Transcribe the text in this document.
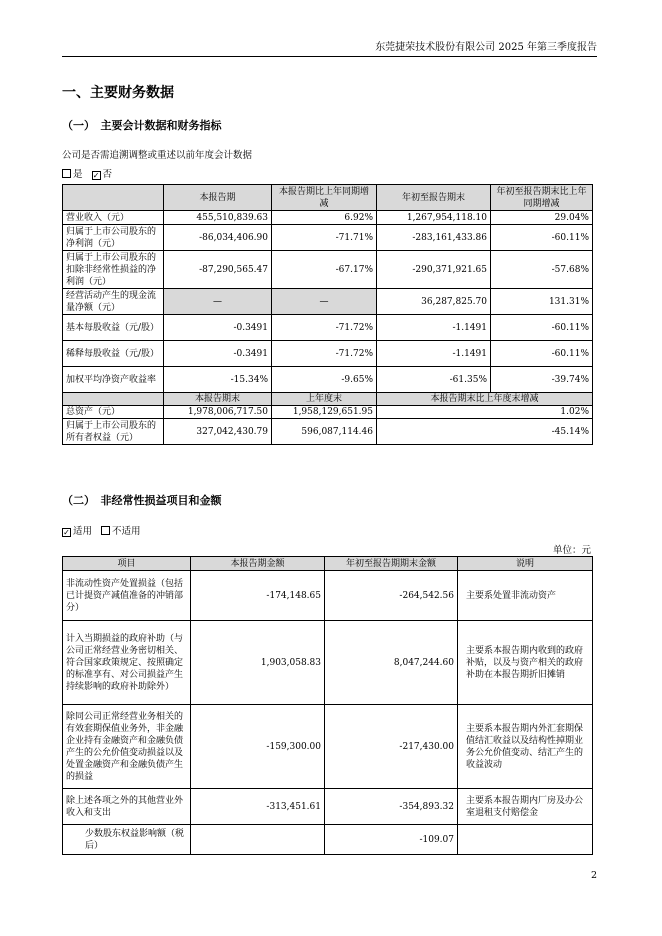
东莞捷荣技术股份有限公司 2025 年第三季度报告
一、主要财务数据
（一）　主要会计数据和财务指标
公司是否需追溯调整或重述以前年度会计数据
是 ✓ 否
	本报告期	本报告期比上年同期增减	年初至报告期末	年初至报告期末比上年同期增减
营业收入（元）	455,510,839.63	6.92%	1,267,954,118.10	29.04%
归属于上市公司股东的净利润（元）	-86,034,406.90	-71.71%	-283,161,433.86	-60.11%
归属于上市公司股东的扣除非经常性损益的净利润（元）	-87,290,565.47	-67.17%	-290,371,921.65	-57.68%
经营活动产生的现金流量净额（元）	—	—	36,287,825.70	131.31%
基本每股收益（元/股）	-0.3491	-71.72%	-1.1491	-60.11%
稀释每股收益（元/股）	-0.3491	-71.72%	-1.1491	-60.11%
加权平均净资产收益率	-15.34%	-9.65%	-61.35%	-39.74%
	本报告期末	上年度末	本报告期末比上年度末增减	
总资产（元）	1,978,006,717.50	1,958,129,651.95	1.02%	
归属于上市公司股东的所有者权益（元）	327,042,430.79	596,087,114.46	-45.14%	
（二）　非经常性损益项目和金额
✓ 适用 不适用
单位：元
项目	本报告期金额	年初至报告期期末金额	说明
非流动性资产处置损益（包括已计提资产减值准备的冲销部分）	-174,148.65	-264,542.56	主要系处置非流动资产
计入当期损益的政府补助（与公司正常经营业务密切相关、符合国家政策规定、按照确定的标准享有、对公司损益产生持续影响的政府补助除外）	1,903,058.83	8,047,244.60	主要系本报告期内收到的政府补贴，以及与资产相关的政府补助在本报告期折旧摊销
除同公司正常经营业务相关的有效套期保值业务外，非金融企业持有金融资产和金融负债产生的公允价值变动损益以及处置金融资产和金融负债产生的损益	-159,300.00	-217,430.00	主要系本报告期内外汇套期保值结汇收益以及结构性掉期业务公允价值变动、结汇产生的收益波动
除上述各项之外的其他营业外收入和支出	-313,451.61	-354,893.32	主要系本报告期内厂房及办公室退租支付赔偿金
少数股东权益影响额（税后）		-109.07	
2
